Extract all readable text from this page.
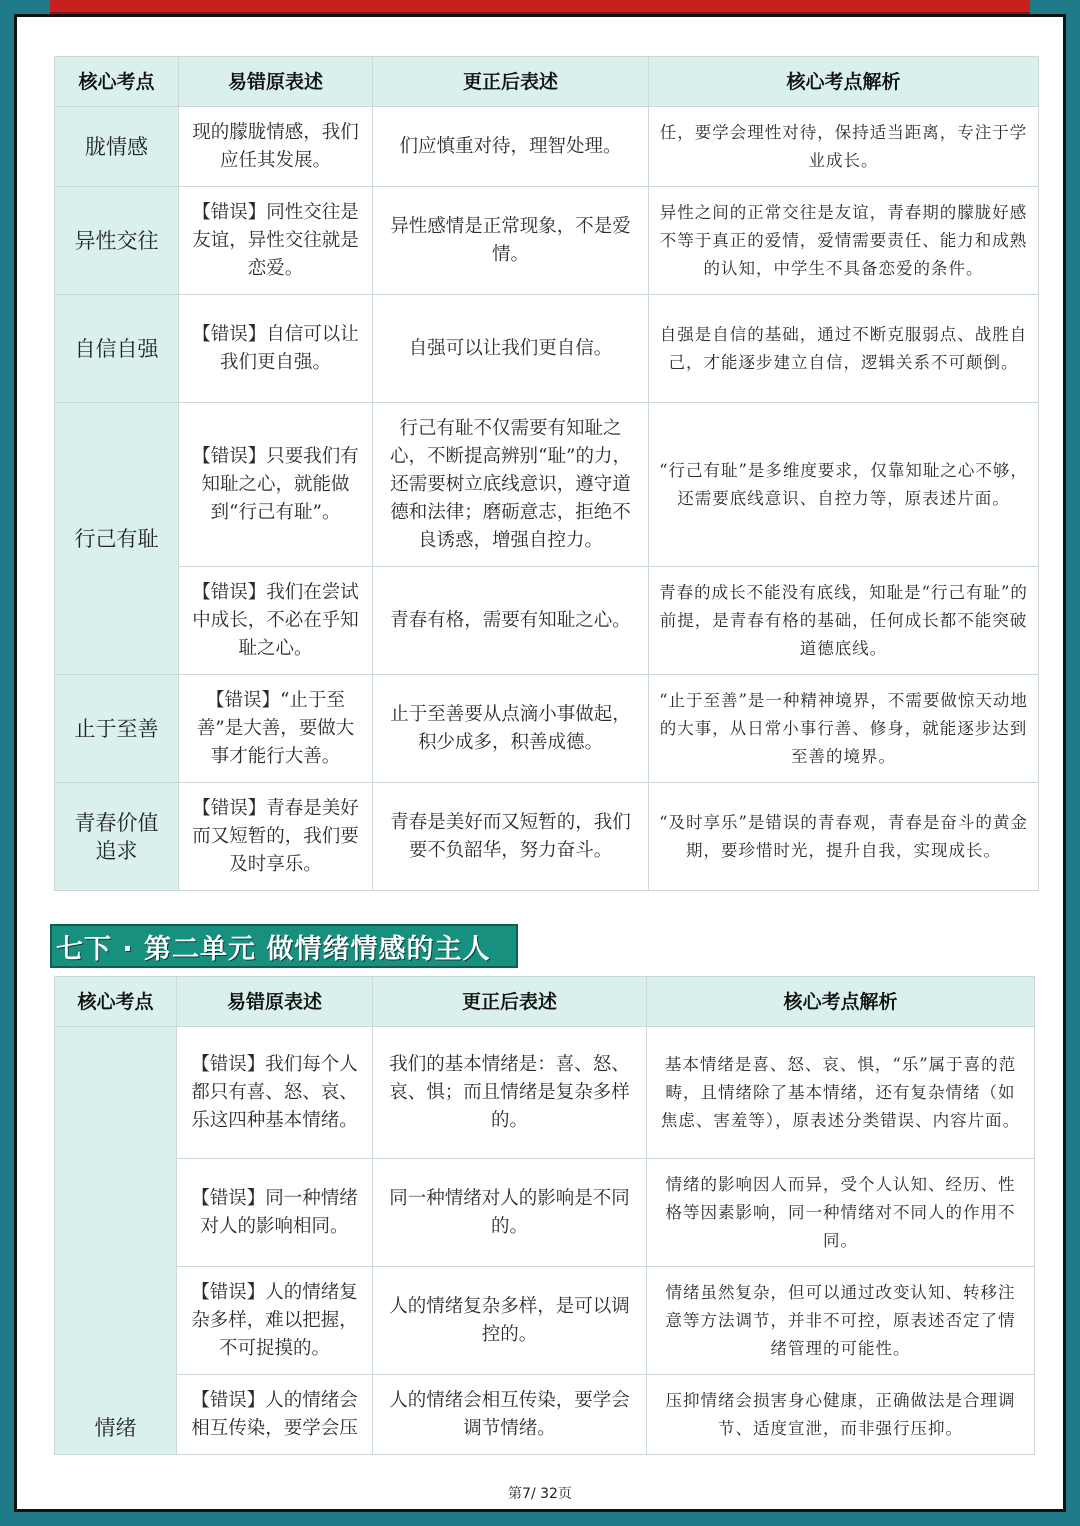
核心考点	易错原表述	更正后表述	核心考点解析
胧情感	现的朦胧情感，我们应任其发展。	们应慎重对待，理智处理。	任，要学会理性对待，保持适当距离，专注于学业成长。
异性交往	【错误】同性交往是友谊，异性交往就是恋爱。	异性感情是正常现象，不是爱情。	异性之间的正常交往是友谊，青春期的朦胧好感不等于真正的爱情，爱情需要责任、能力和成熟的认知，中学生不具备恋爱的条件。
自信自强	【错误】自信可以让我们更自强。	自强可以让我们更自信。	自强是自信的基础，通过不断克服弱点、战胜自己，才能逐步建立自信，逻辑关系不可颠倒。
行己有耻	【错误】只要我们有知耻之心，就能做到“行己有耻”。	行己有耻不仅需要有知耻之心，不断提高辨别“耻”的力，还需要树立底线意识，遵守道德和法律；磨砺意志，拒绝不良诱惑，增强自控力。	“行己有耻”是多维度要求，仅靠知耻之心不够，还需要底线意识、自控力等，原表述片面。
	【错误】我们在尝试中成长，不必在乎知耻之心。	青春有格，需要有知耻之心。	青春的成长不能没有底线，知耻是“行己有耻”的前提，是青春有格的基础，任何成长都不能突破道德底线。
止于至善	【错误】“止于至善”是大善，要做大事才能行大善。	止于至善要从点滴小事做起，积少成多，积善成德。	“止于至善”是一种精神境界，不需要做惊天动地的大事，从日常小事行善、修身，就能逐步达到至善的境界。
青春价值追求	【错误】青春是美好而又短暂的，我们要及时享乐。	青春是美好而又短暂的，我们要不负韶华，努力奋斗。	“及时享乐”是错误的青春观，青春是奋斗的黄金期，要珍惜时光，提升自我，实现成长。
七下 · 第二单元 做情绪情感的主人
核心考点	易错原表述	更正后表述	核心考点解析
情绪	【错误】我们每个人都只有喜、怒、哀、乐这四种基本情绪。	我们的基本情绪是：喜、怒、哀、惧；而且情绪是复杂多样的。	基本情绪是喜、怒、哀、惧，“乐”属于喜的范畴，且情绪除了基本情绪，还有复杂情绪（如焦虑、害羞等），原表述分类错误、内容片面。
	【错误】同一种情绪对人的影响相同。	同一种情绪对人的影响是不同的。	情绪的影响因人而异，受个人认知、经历、性格等因素影响，同一种情绪对不同人的作用不同。
	【错误】人的情绪复杂多样，难以把握，不可捉摸的。	人的情绪复杂多样，是可以调控的。	情绪虽然复杂，但可以通过改变认知、转移注意等方法调节，并非不可控，原表述否定了情绪管理的可能性。
	【错误】人的情绪会相互传染，要学会压	人的情绪会相互传染，要学会调节情绪。	压抑情绪会损害身心健康，正确做法是合理调节、适度宣泄，而非强行压抑。
第7/ 32页
